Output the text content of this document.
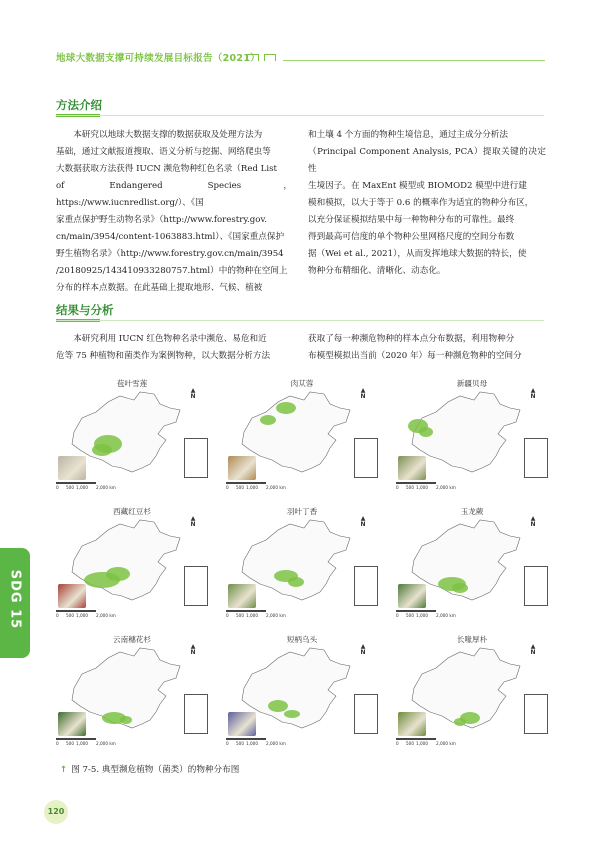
地球大数据支撑可持续发展目标报告（2021）
方法介绍

　　本研究以地球大数据支撑的数据获取及处理方法为

基础，通过文献报道搜取、语义分析与挖掘、网络爬虫等

大数据获取方法获得 IUCN 濒危物种红色名录（Red List

of Endangered Species，https://www.iucnredlist.org/）、《国

家重点保护野生动物名录》（http://www.forestry.gov.

cn/main/3954/content-1063883.html）、《国家重点保护

野生植物名录》（http://www.forestry.gov.cn/main/3954

/20180925/143410933280757.html）中的物种在空间上

分布的样本点数据。在此基础上提取地形、气候、植被

和土壤 4 个方面的物种生境信息，通过主成分分析法

（Principal Component Analysis, PCA）提取关键的决定性

生境因子。在 MaxEnt 模型或 BIOMOD2 模型中进行建

模和模拟，以大于等于 0.6 的概率作为适宜的物种分布区，

以充分保证模拟结果中每一种物种分布的可靠性。最终

得到最高可信度的单个物种公里网格尺度的空间分布数

据（Wei et al., 2021），从而发挥地球大数据的特长，使

物种分布精细化、清晰化、动态化。

结果与分析

　　本研究利用 IUCN 红色物种名录中濒危、易危和近

危等 75 种植物和菌类作为案例物种，以大数据分析方法

获取了每一种濒危物种的样本点分布数据，利用物种分

布模型模拟出当前（2020 年）每一种濒危物种的空间分

苞叶雪莲
▲
N
0 500 1,000 2,000 km
肉苁蓉
▲
N
0 500 1,000 2,000 km
新疆贝母
▲
N
0 500 1,000 2,000 km
西藏红豆杉
▲
N
0 500 1,000 2,000 km
羽叶丁香
▲
N
0 500 1,000 2,000 km
玉龙蕨
▲
N
0 500 1,000 2,000 km
云南穗花杉
▲
N
0 500 1,000 2,000 km
短柄乌头
▲
N
0 500 1,000 2,000 km
长喙厚朴
▲
N
0 500 1,000 2,000 km
↑ 图 7-5. 典型濒危植物（菌类）的物种分布图
SDG 15
120
